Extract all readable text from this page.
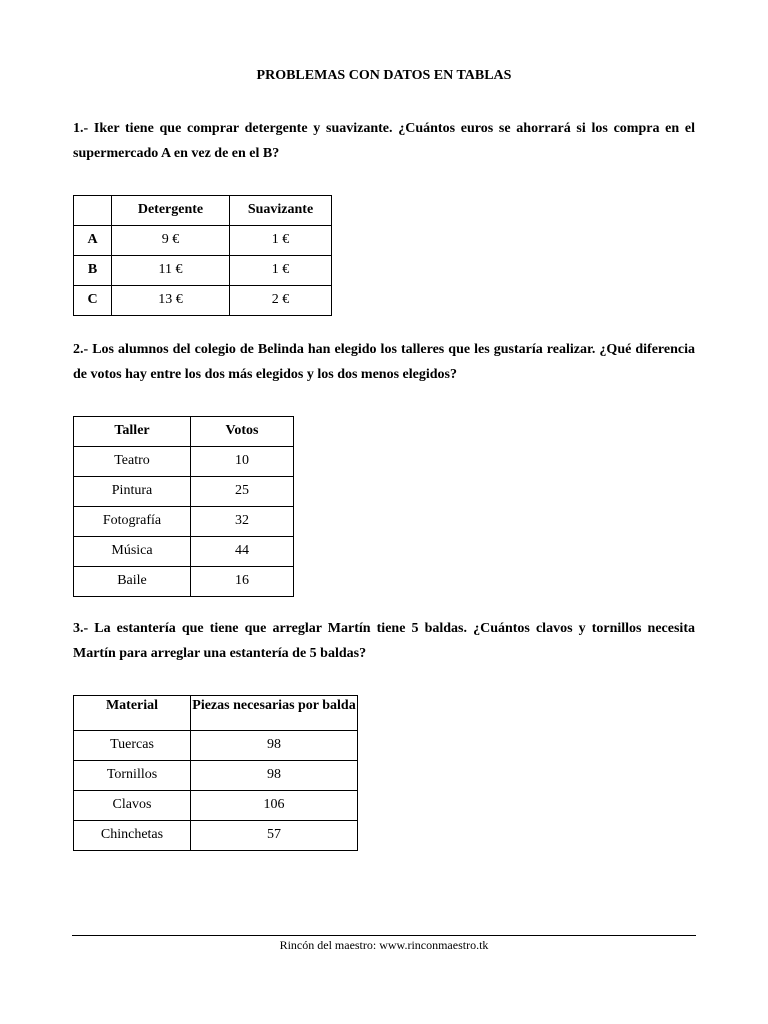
PROBLEMAS CON DATOS EN TABLAS
1.- Iker tiene que comprar detergente y suavizante. ¿Cuántos euros se ahorrará si los compra en el supermercado A en vez de en el B?
	Detergente	Suavizante
A	9 €	1 €
B	11 €	1 €
C	13 €	2 €
2.- Los alumnos del colegio de Belinda han elegido los talleres que les gustaría realizar. ¿Qué diferencia de votos hay entre los dos más elegidos y los dos menos elegidos?
Taller	Votos
Teatro	10
Pintura	25
Fotografía	32
Música	44
Baile	16
3.- La estantería que tiene que arreglar Martín tiene 5 baldas. ¿Cuántos clavos y tornillos necesita Martín para arreglar una estantería de 5 baldas?
Material	Piezas necesarias por balda
Tuercas	98
Tornillos	98
Clavos	106
Chinchetas	57
Rincón del maestro: www.rinconmaestro.tk
